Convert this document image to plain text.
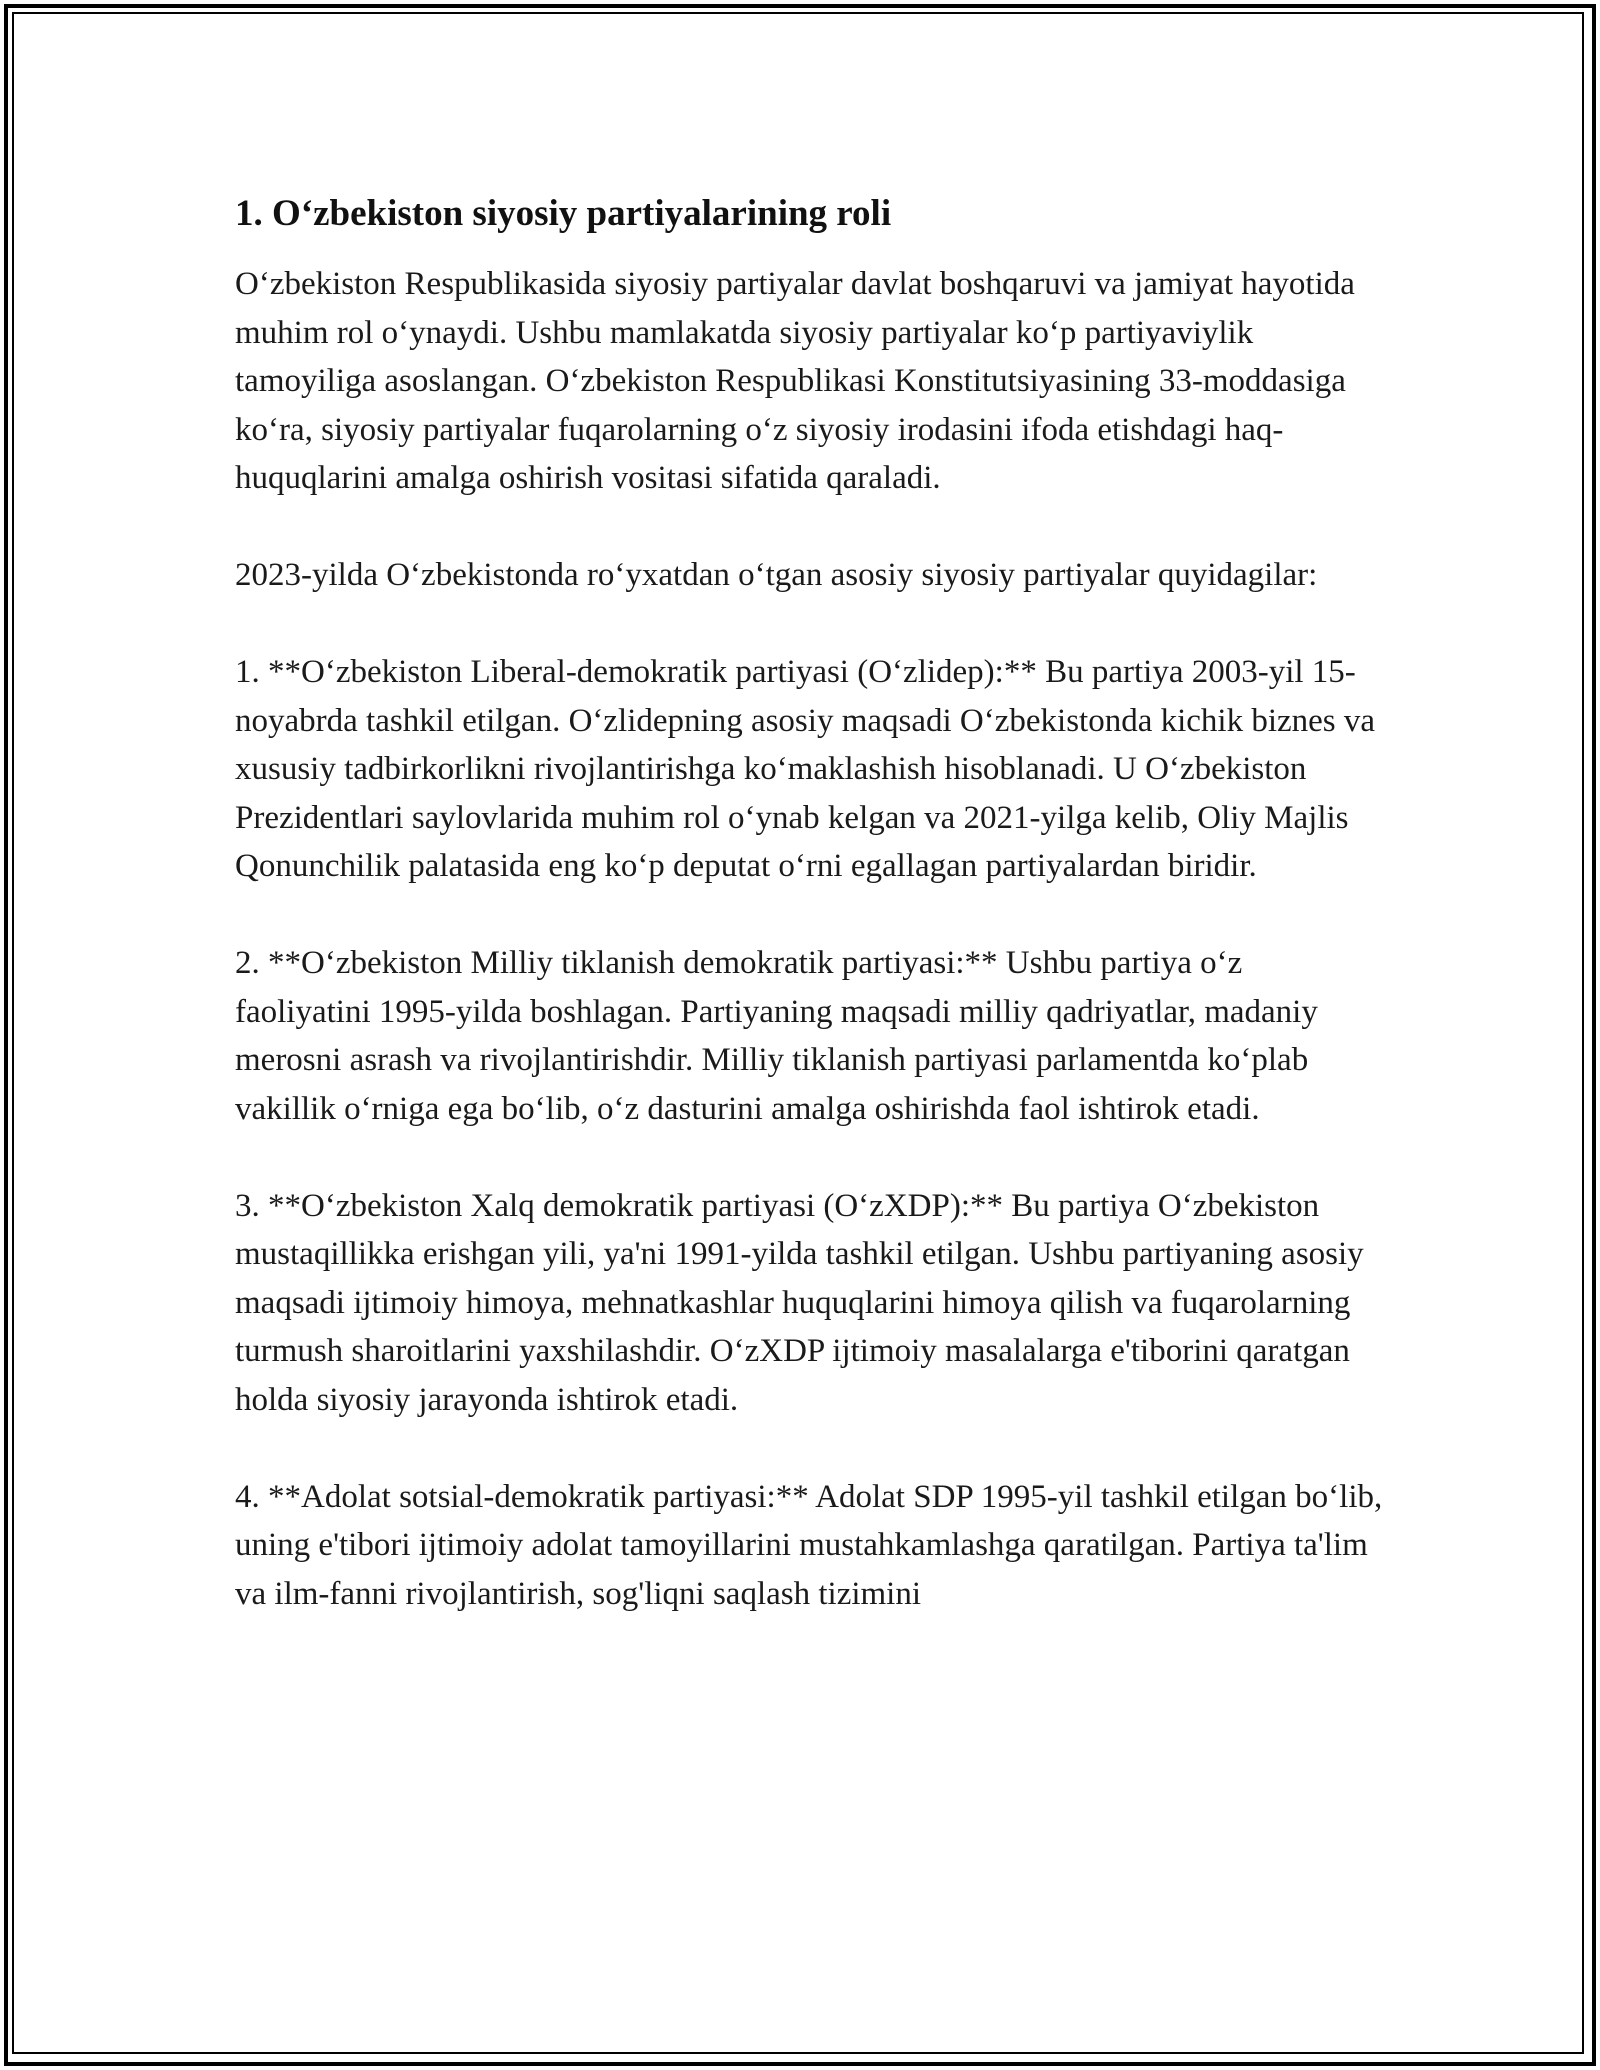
1. O‘zbekiston siyosiy partiyalarining roli

O‘zbekiston Respublikasida siyosiy partiyalar davlat boshqaruvi va jamiyat hayotida muhim rol o‘ynaydi. Ushbu mamlakatda siyosiy partiyalar ko‘p partiyaviylik tamoyiliga asoslangan. O‘zbekiston Respublikasi Konstitutsiyasining 33-moddasiga ko‘ra, siyosiy partiyalar fuqarolarning o‘z siyosiy irodasini ifoda etishdagi haq-huquqlarini amalga oshirish vositasi sifatida qaraladi.

2023-yilda O‘zbekistonda ro‘yxatdan o‘tgan asosiy siyosiy partiyalar quyidagilar:

1. **O‘zbekiston Liberal-demokratik partiyasi (O‘zlidep):** Bu partiya 2003-yil 15-noyabrda tashkil etilgan. O‘zlidepning asosiy maqsadi O‘zbekistonda kichik biznes va xususiy tadbirkorlikni rivojlantirishga ko‘maklashish hisoblanadi. U O‘zbekiston Prezidentlari saylovlarida muhim rol o‘ynab kelgan va 2021-yilga kelib, Oliy Majlis Qonunchilik palatasida eng ko‘p deputat o‘rni egallagan partiyalardan biridir.

2. **O‘zbekiston Milliy tiklanish demokratik partiyasi:** Ushbu partiya o‘z faoliyatini 1995-yilda boshlagan. Partiyaning maqsadi milliy qadriyatlar, madaniy merosni asrash va rivojlantirishdir. Milliy tiklanish partiyasi parlamentda ko‘plab vakillik o‘rniga ega bo‘lib, o‘z dasturini amalga oshirishda faol ishtirok etadi.

3. **O‘zbekiston Xalq demokratik partiyasi (O‘zXDP):** Bu partiya O‘zbekiston mustaqillikka erishgan yili, ya'ni 1991-yilda tashkil etilgan. Ushbu partiyaning asosiy maqsadi ijtimoiy himoya, mehnatkashlar huquqlarini himoya qilish va fuqarolarning turmush sharoitlarini yaxshilashdir. O‘zXDP ijtimoiy masalalarga e'tiborini qaratgan holda siyosiy jarayonda ishtirok etadi.

4. **Adolat sotsial-demokratik partiyasi:** Adolat SDP 1995-yil tashkil etilgan bo‘lib, uning e'tibori ijtimoiy adolat tamoyillarini mustahkamlashga qaratilgan. Partiya ta'lim va ilm-fanni rivojlantirish, sog'liqni saqlash tizimini
